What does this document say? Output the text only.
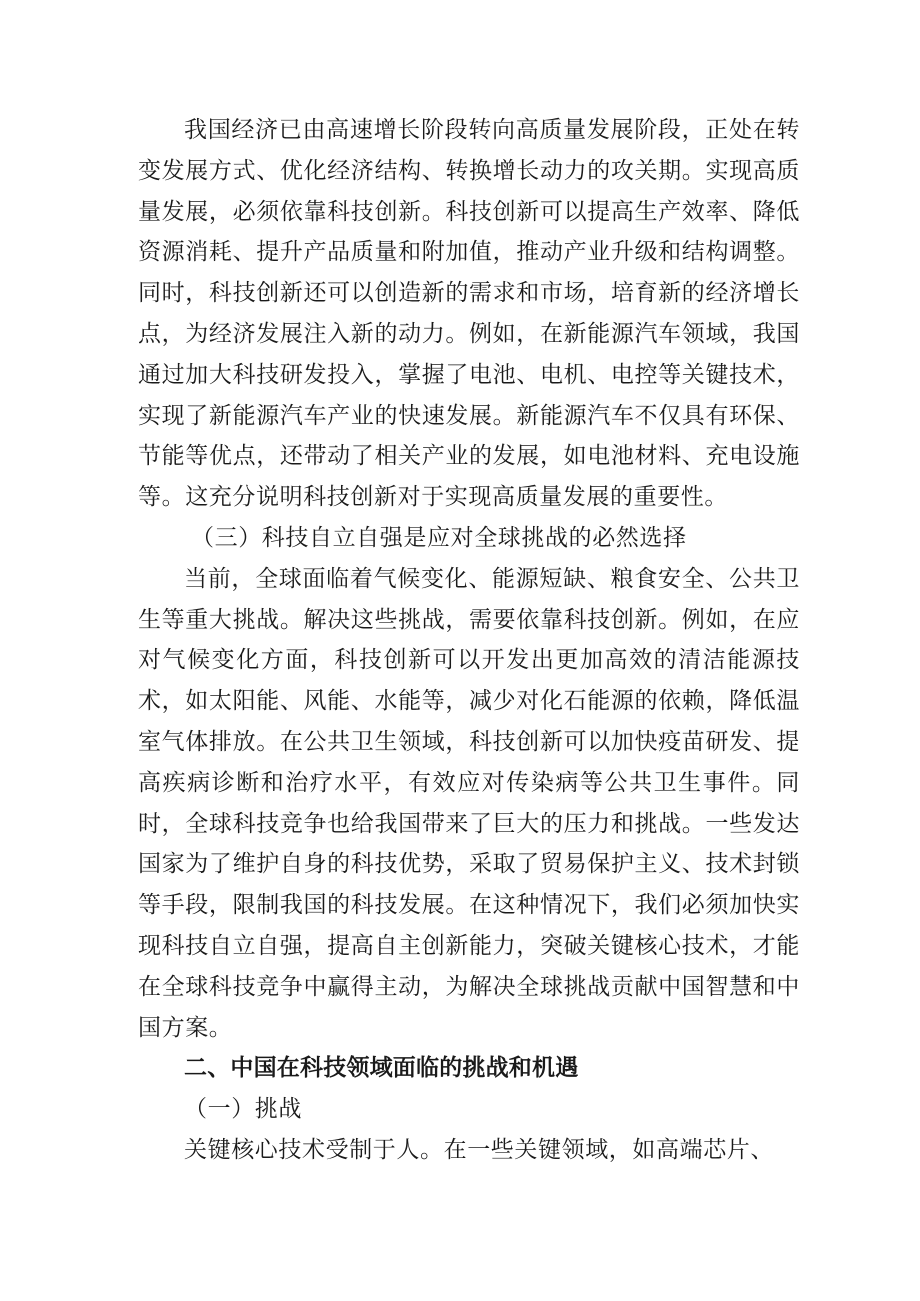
我国经济已由高速增长阶段转向高质量发展阶段，正处在转变发展方式、优化经济结构、转换增长动力的攻关期。实现高质量发展，必须依靠科技创新。科技创新可以提高生产效率、降低资源消耗、提升产品质量和附加值，推动产业升级和结构调整。同时，科技创新还可以创造新的需求和市场，培育新的经济增长点，为经济发展注入新的动力。例如，在新能源汽车领域，我国通过加大科技研发投入，掌握了电池、电机、电控等关键技术，实现了新能源汽车产业的快速发展。新能源汽车不仅具有环保、节能等优点，还带动了相关产业的发展，如电池材料、充电设施等。这充分说明科技创新对于实现高质量发展的重要性。

（三）科技自立自强是应对全球挑战的必然选择

当前，全球面临着气候变化、能源短缺、粮食安全、公共卫生等重大挑战。解决这些挑战，需要依靠科技创新。例如，在应对气候变化方面，科技创新可以开发出更加高效的清洁能源技术，如太阳能、风能、水能等，减少对化石能源的依赖，降低温室气体排放。在公共卫生领域，科技创新可以加快疫苗研发、提高疾病诊断和治疗水平，有效应对传染病等公共卫生事件。同时，全球科技竞争也给我国带来了巨大的压力和挑战。一些发达国家为了维护自身的科技优势，采取了贸易保护主义、技术封锁等手段，限制我国的科技发展。在这种情况下，我们必须加快实现科技自立自强，提高自主创新能力，突破关键核心技术，才能在全球科技竞争中赢得主动，为解决全球挑战贡献中国智慧和中国方案。

二、中国在科技领域面临的挑战和机遇

（一）挑战

关键核心技术受制于人。在一些关键领域，如高端芯片、
